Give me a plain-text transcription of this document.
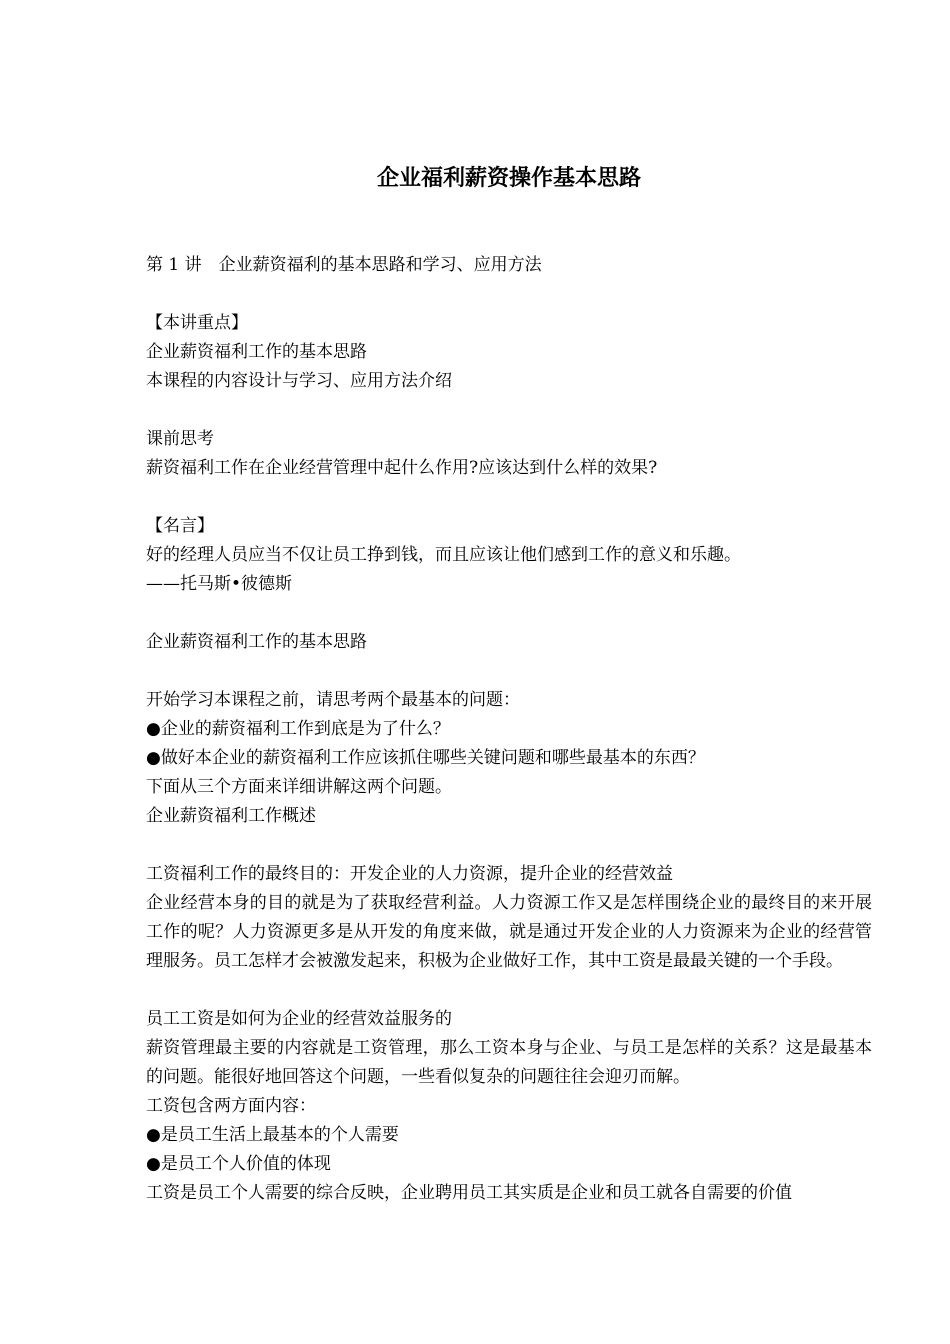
企业福利薪资操作基本思路
第 1 讲　企业薪资福利的基本思路和学习、应用方法
【本讲重点】
企业薪资福利工作的基本思路
本课程的内容设计与学习、应用方法介绍
课前思考
薪资福利工作在企业经营管理中起什么作用?应该达到什么样的效果?
【名言】
好的经理人员应当不仅让员工挣到钱，而且应该让他们感到工作的意义和乐趣。
——托马斯•彼德斯
企业薪资福利工作的基本思路
开始学习本课程之前，请思考两个最基本的问题：
●企业的薪资福利工作到底是为了什么？
●做好本企业的薪资福利工作应该抓住哪些关键问题和哪些最基本的东西？
下面从三个方面来详细讲解这两个问题。
企业薪资福利工作概述
工资福利工作的最终目的：开发企业的人力资源，提升企业的经营效益
企业经营本身的目的就是为了获取经营利益。人力资源工作又是怎样围绕企业的最终目的来开展工作的呢？人力资源更多是从开发的角度来做，就是通过开发企业的人力资源来为企业的经营管理服务。员工怎样才会被激发起来，积极为企业做好工作，其中工资是最最关键的一个手段。
员工工资是如何为企业的经营效益服务的
薪资管理最主要的内容就是工资管理，那么工资本身与企业、与员工是怎样的关系？这是最基本的问题。能很好地回答这个问题，一些看似复杂的问题往往会迎刃而解。
工资包含两方面内容：
●是员工生活上最基本的个人需要
●是员工个人价值的体现
工资是员工个人需要的综合反映，企业聘用员工其实质是企业和员工就各自需要的价值
